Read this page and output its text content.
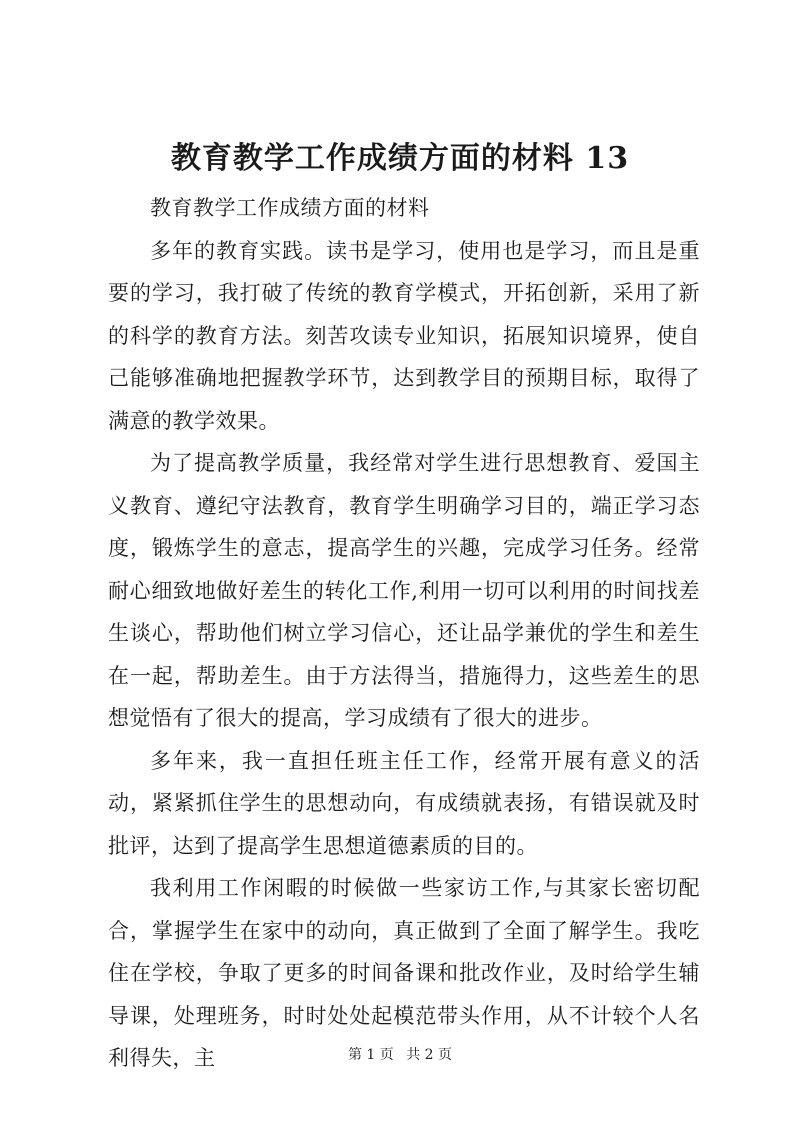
教育教学工作成绩方面的材料 13

教育教学工作成绩方面的材料

多年的教育实践。读书是学习，使用也是学习，而且是重要的学习，我打破了传统的教育学模式，开拓创新，采用了新的科学的教育方法。刻苦攻读专业知识，拓展知识境界，使自己能够准确地把握教学环节，达到教学目的预期目标，取得了满意的教学效果。

为了提高教学质量，我经常对学生进行思想教育、爱国主义教育、遵纪守法教育，教育学生明确学习目的，端正学习态度，锻炼学生的意志，提高学生的兴趣，完成学习任务。经常耐心细致地做好差生的转化工作,利用一切可以利用的时间找差生谈心，帮助他们树立学习信心，还让品学兼优的学生和差生在一起，帮助差生。由于方法得当，措施得力，这些差生的思想觉悟有了很大的提高，学习成绩有了很大的进步。

多年来，我一直担任班主任工作，经常开展有意义的活动，紧紧抓住学生的思想动向，有成绩就表扬，有错误就及时批评，达到了提高学生思想道德素质的目的。

我利用工作闲暇的时候做一些家访工作,与其家长密切配合，掌握学生在家中的动向，真正做到了全面了解学生。我吃住在学校，争取了更多的时间备课和批改作业，及时给学生辅导课，处理班务，时时处处起模范带头作用，从不计较个人名利得失，主	第 1 页 共 2 页
